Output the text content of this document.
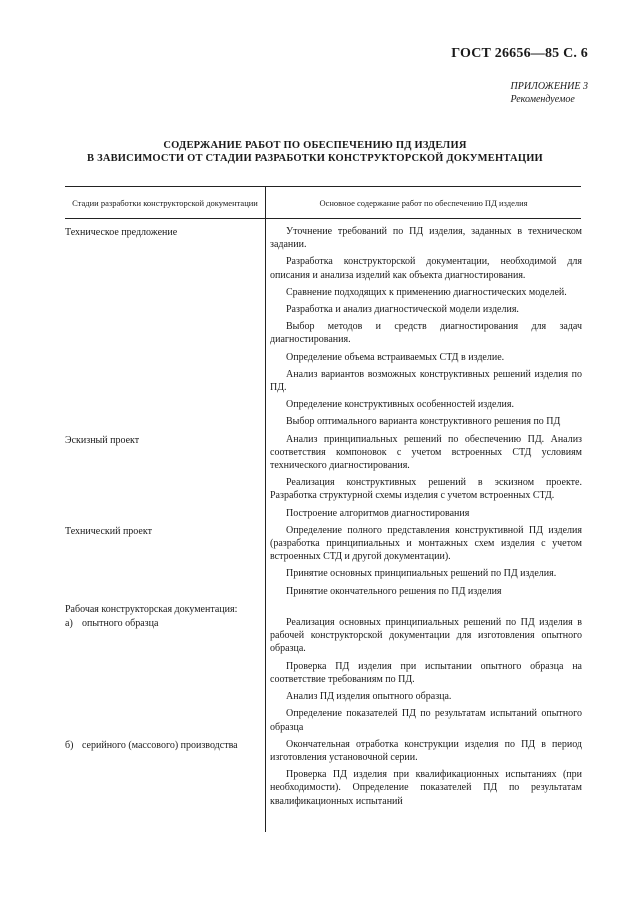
ГОСТ 26656—85 С. 6
ПРИЛОЖЕНИЕ 3
Рекомендуемое
СОДЕРЖАНИЕ РАБОТ ПО ОБЕСПЕЧЕНИЮ ПД ИЗДЕЛИЯ
В ЗАВИСИМОСТИ ОТ СТАДИИ РАЗРАБОТКИ КОНСТРУКТОРСКОЙ ДОКУМЕНТАЦИИ
Стадии разработки конструкторской документации	Основное содержание работ по обеспечению ПД изделия
Техническое предложение	Уточнение требований по ПД изделия, заданных в техническом задании.

Разработка конструкторской документации, необходимой для описания и анализа изделий как объекта диагностирования.

Сравнение подходящих к применению диагностических моделей.

Разработка и анализ диагностической модели изделия.

Выбор методов и средств диагностирования для задач диагностирования.

Определение объема встраиваемых СТД в изделие.

Анализ вариантов возможных конструктивных решений изделия по ПД.

Определение конструктивных особенностей изделия.

Выбор оптимального варианта конструктивного решения по ПД

Эскизный проект	Анализ принципиальных решений по обеспечению ПД. Анализ соответствия компоновок с учетом встроенных СТД условиям технического диагностирования.

Реализация конструктивных решений в эскизном проекте. Разработка структурной схемы изделия с учетом встроенных СТД.

Построение алгоритмов диагностирования

Технический проект	Определение полного представления конструктивной ПД изделия (разработка принципиальных и монтажных схем изделия с учетом встроенных СТД и другой документации).

Принятие основных принципиальных решений по ПД изделия.

Принятие окончательного решения по ПД изделия

Рабочая конструкторская документация:
а) опытного образца	Реализация основных принципиальных решений по ПД изделия в рабочей конструкторской документации для изготовления опытного образца.

Проверка ПД изделия при испытании опытного образца на соответствие требованиям по ПД.

Анализ ПД изделия опытного образца.

Определение показателей ПД по результатам испытаний опытного образца

б) серийного (массового) производства	Окончательная отработка конструкции изделия по ПД в период изготовления установочной серии.

Проверка ПД изделия при квалификационных испытаниях (при необходимости). Определение показателей ПД по результатам квалификационных испытаний
